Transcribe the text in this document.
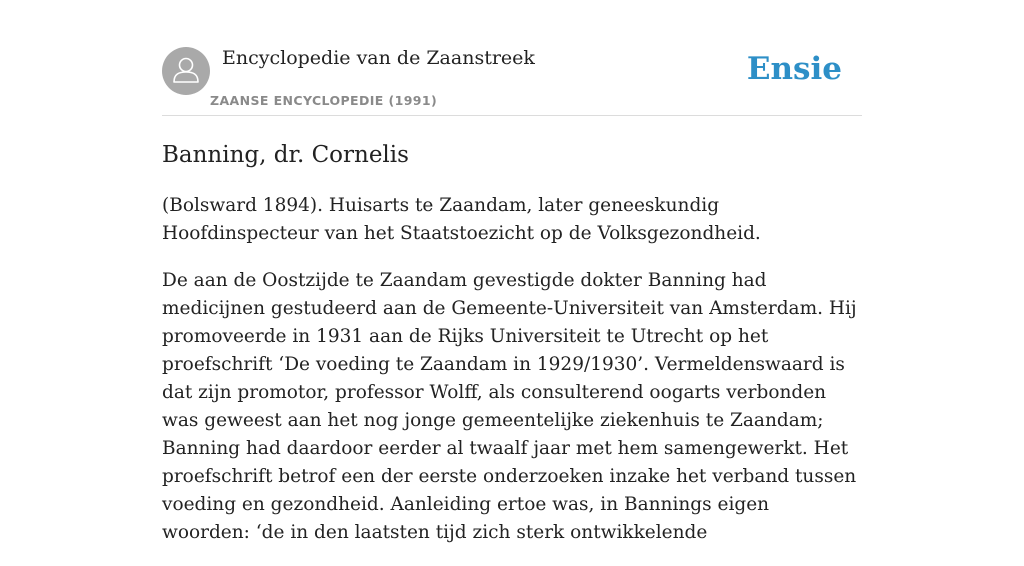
Encyclopedie van de Zaanstreek
ZAANSE ENCYCLOPEDIE (1991)
Ensie
Banning, dr. Cornelis

(Bolsward 1894). Huisarts te Zaandam, later geneeskundig Hoofdinspecteur van het Staatstoezicht op de Volksgezondheid.

De aan de Oostzijde te Zaandam gevestigde dokter Banning had medicijnen gestudeerd aan de Gemeente-Universiteit van Amsterdam. Hij promoveerde in 1931 aan de Rijks Universiteit te Utrecht op het proefschrift ‘De voeding te Zaandam in 1929/1930’. Vermeldenswaard is dat zijn promotor, professor Wolff, als consulterend oogarts verbonden was geweest aan het nog jonge gemeentelijke ziekenhuis te Zaandam; Banning had daardoor eerder al twaalf jaar met hem samengewerkt. Het proefschrift betrof een der eerste onderzoeken inzake het verband tussen voeding en gezondheid. Aanleiding ertoe was, in Bannings eigen woorden: ‘de in den laatsten tijd zich sterk ontwikkelende
